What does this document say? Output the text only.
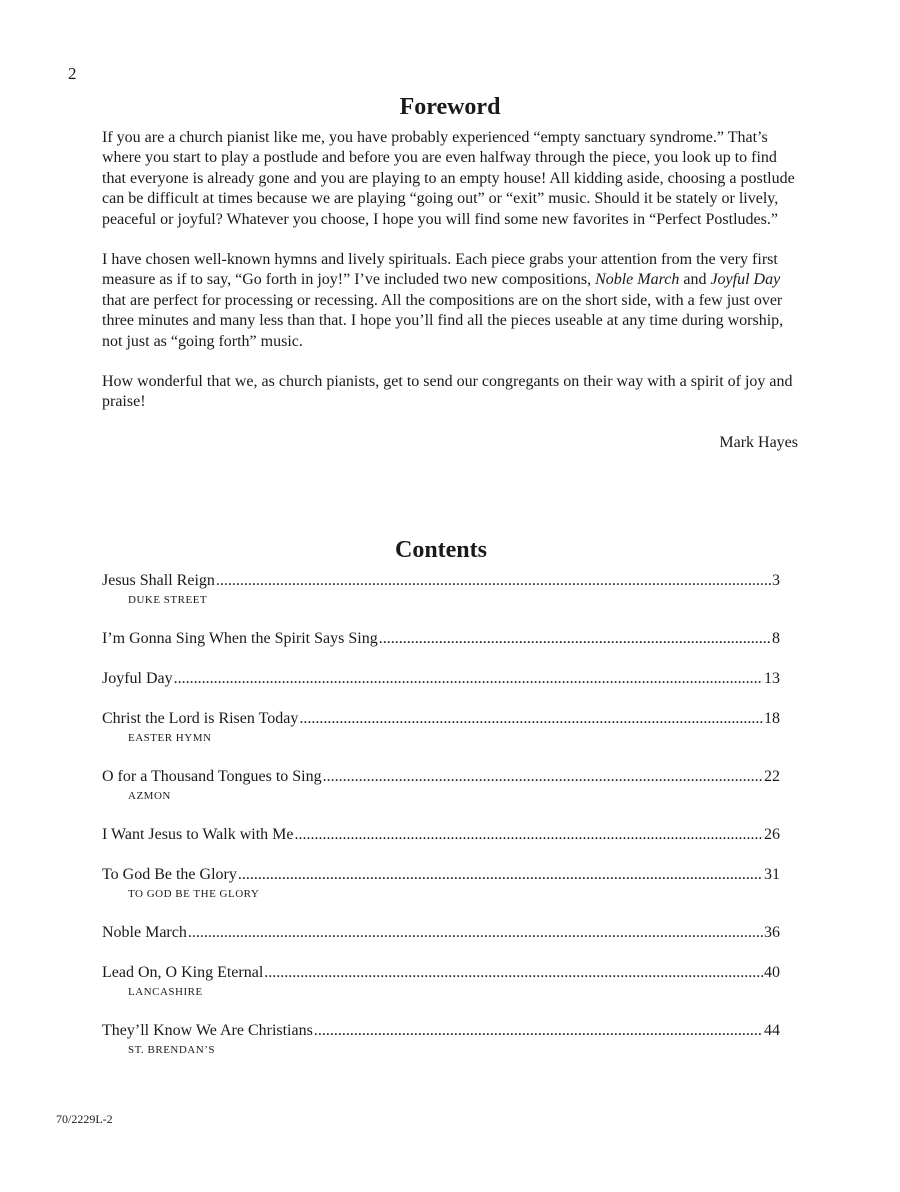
2
Foreword

If you are a church pianist like me, you have probably experienced “empty sanctuary syndrome.” That’s where you start to play a postlude and before you are even halfway through the piece, you look up to find that everyone is already gone and you are playing to an empty house! All kidding aside, choosing a postlude can be difficult at times because we are playing “going out” or “exit” music. Should it be stately or lively, peaceful or joyful? Whatever you choose, I hope you will find some new favorites in “Perfect Postludes.”

I have chosen well-known hymns and lively spirituals. Each piece grabs your attention from the very first measure as if to say, “Go forth in joy!” I’ve included two new compositions, Noble March and Joyful Day that are perfect for processing or recessing. All the compositions are on the short side, with a few just over three minutes and many less than that. I hope you’ll find all the pieces useable at any time during worship, not just as “going forth” music.

How wonderful that we, as church pianists, get to send our congregants on their way with a spirit of joy and praise!

Mark Hayes
Contents
Jesus Shall Reign .....	3
DUKE STREET
I’m Gonna Sing When the Spirit Says Sing .....	8
Joyful Day .....	13
Christ the Lord is Risen Today .....	18
EASTER HYMN
O for a Thousand Tongues to Sing .....	22
AZMON
I Want Jesus to Walk with Me .....	26
To God Be the Glory .....	31
TO GOD BE THE GLORY
Noble March .....	36
Lead On, O King Eternal .....	40
LANCASHIRE
They’ll Know We Are Christians .....	44
ST. BRENDAN’S
70/2229L-2
